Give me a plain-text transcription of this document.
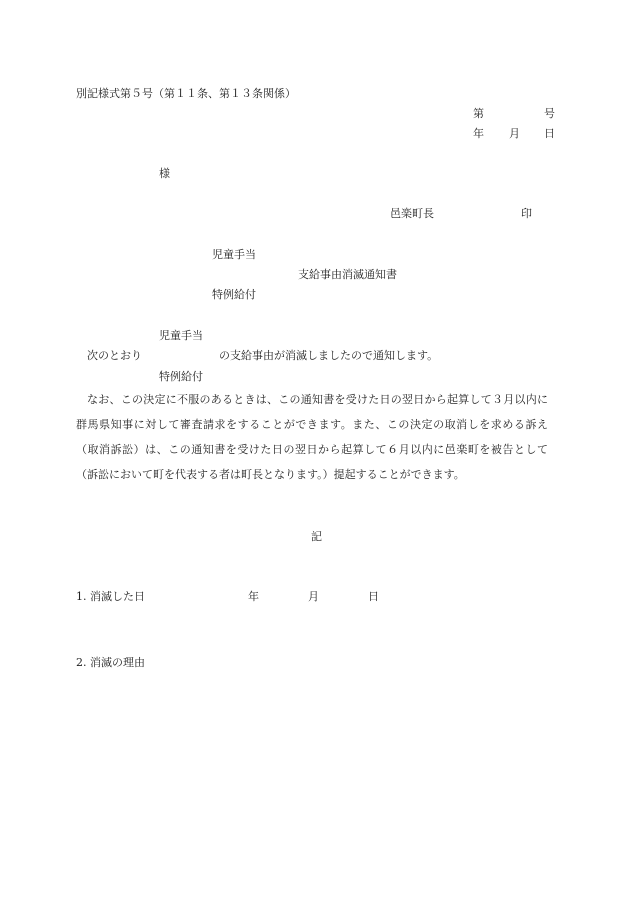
別記様式第５号（第１１条、第１３条関係）
第	号
年 月 日
様
邑楽町長	印
児童手当
支給事由消滅通知書
特例給付
児童手当
次のとおり	の支給事由が消滅しましたので通知します。
特例給付
なお、この決定に不服のあるときは、この通知書を受けた日の翌日から起算して３月以内に群馬県知事に対して審査請求をすることができます。また、この決定の取消しを求める訴え（取消訴訟）は、この通知書を受けた日の翌日から起算して６月以内に邑楽町を被告として（訴訟において町を代表する者は町長となります。）提起することができます。
記
1. 消滅した日	年	月	日
2. 消滅の理由
